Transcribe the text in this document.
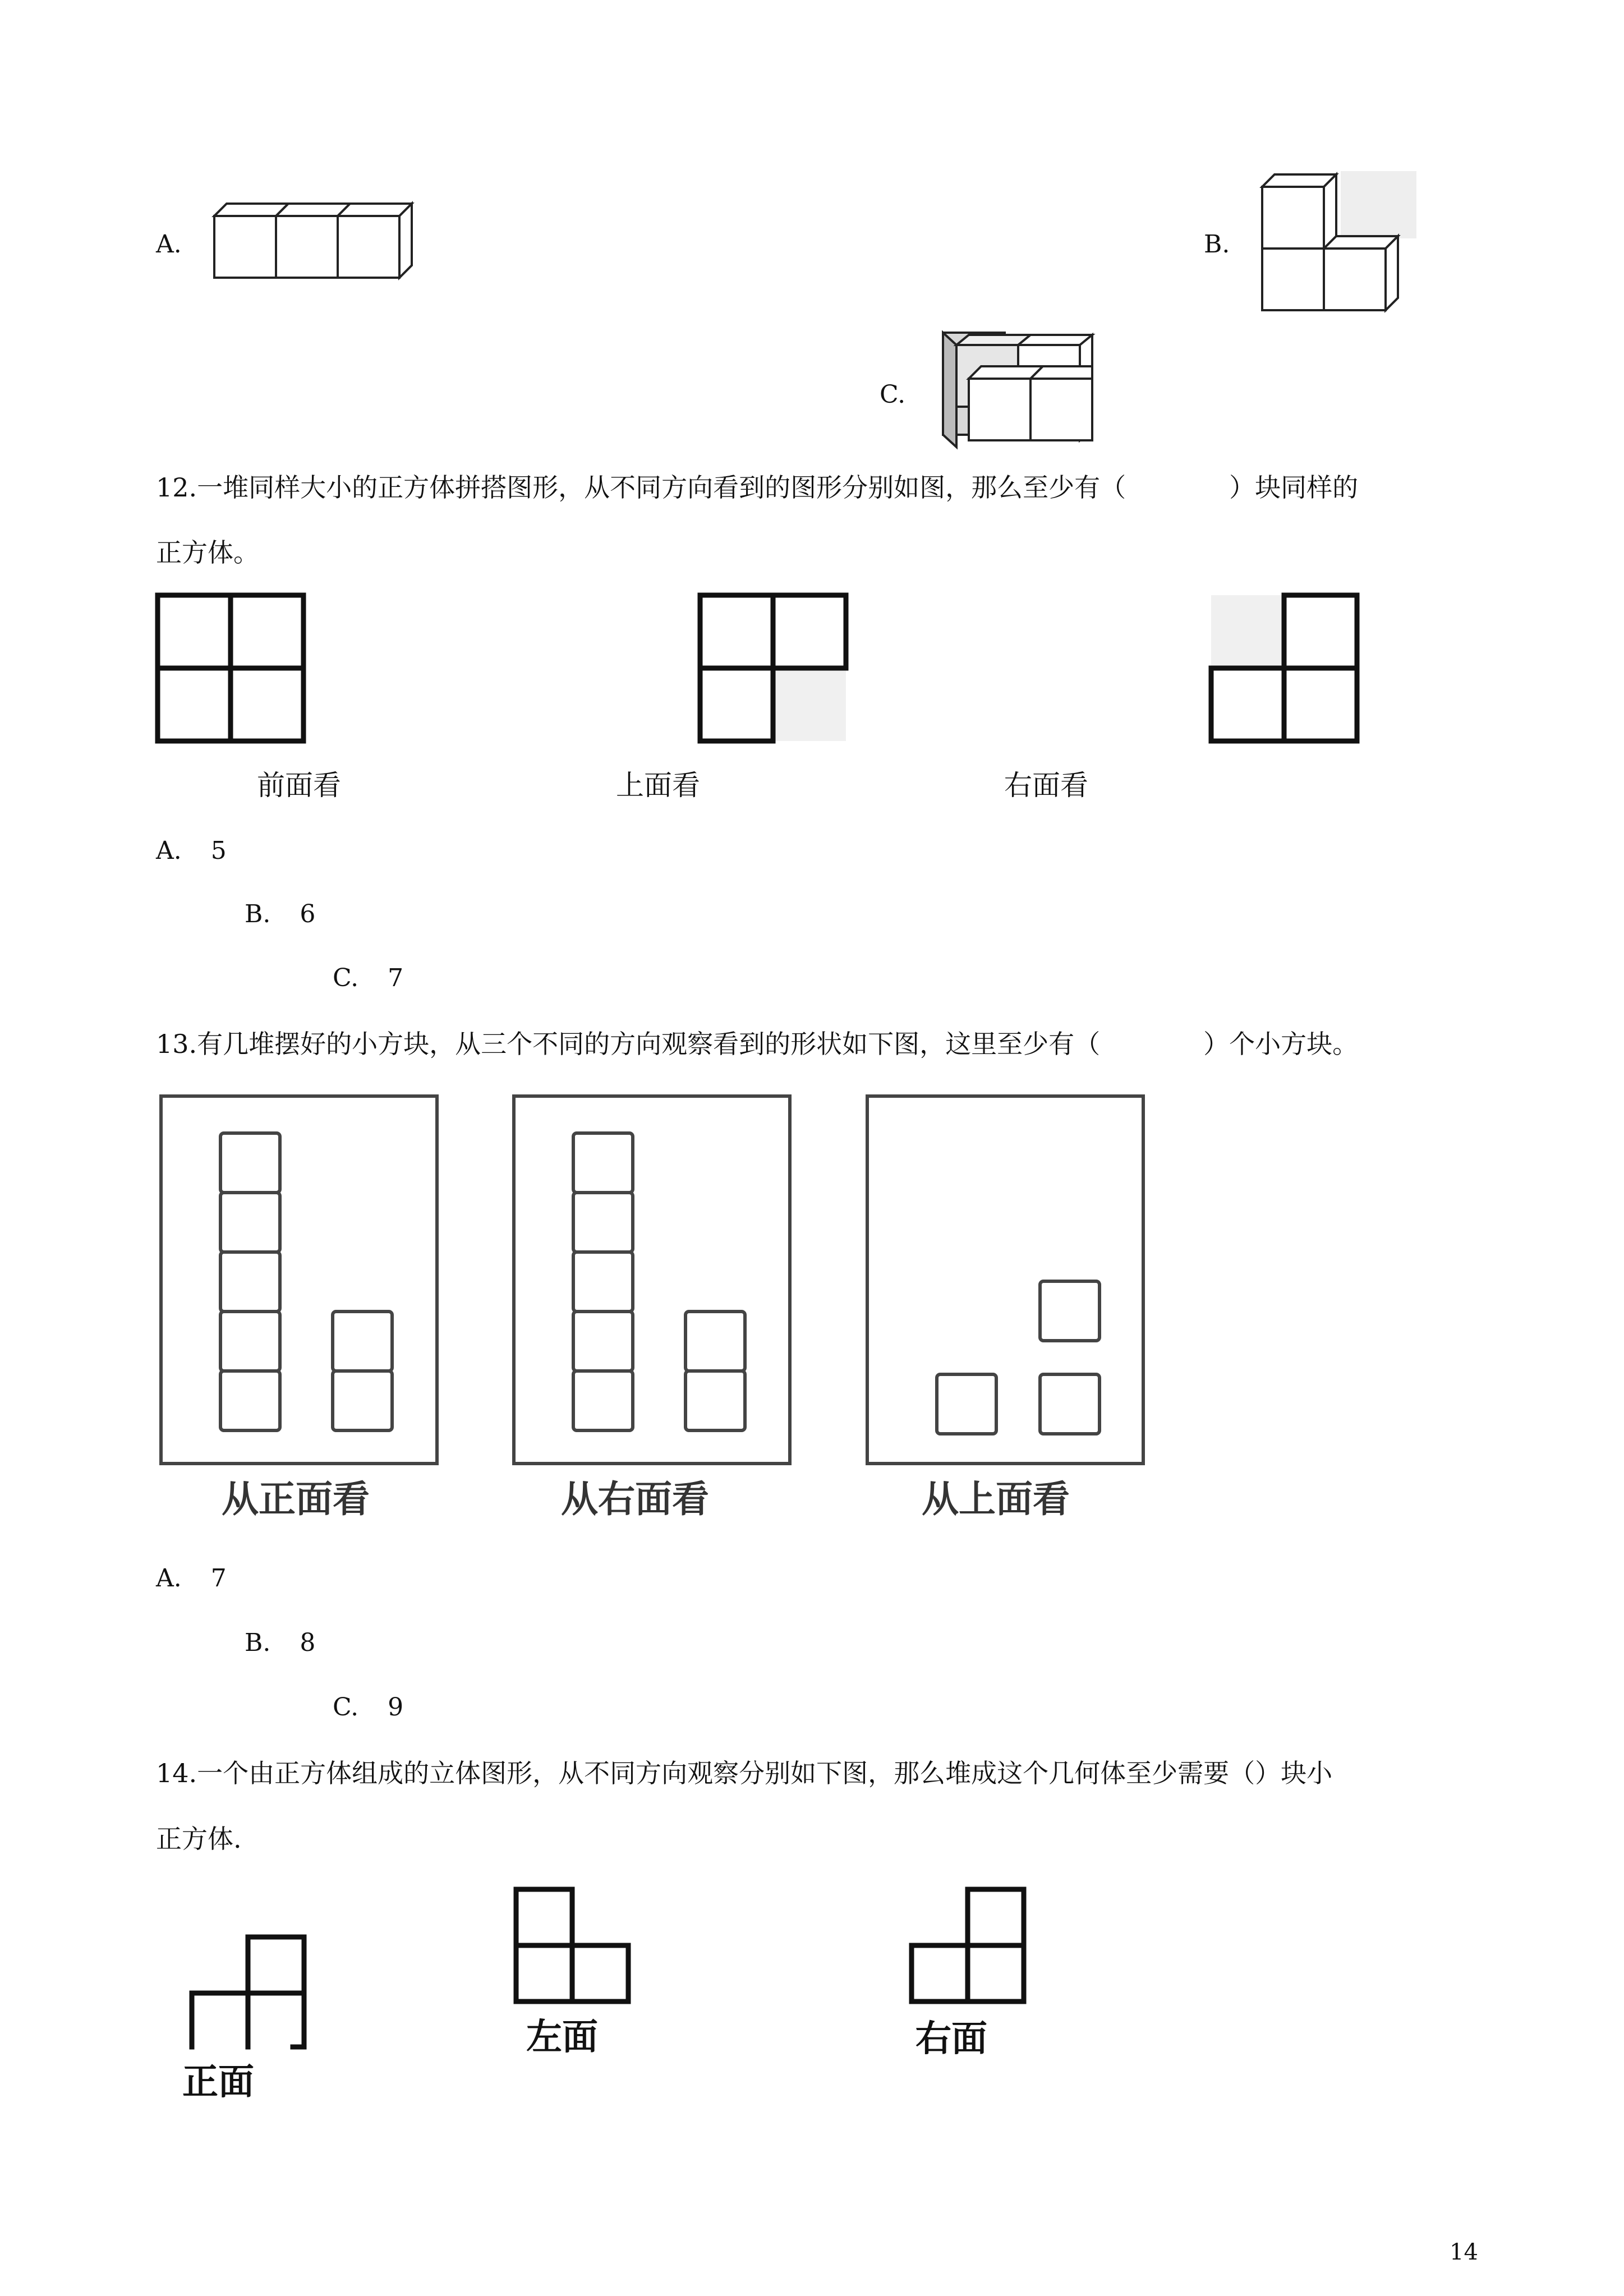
A.	B.
C.
12.一堆同样大小的正方体拼搭图形，从不同方向看到的图形分别如图，那么至少有（　　　　）块同样的
正方体。
前面看	上面看	右面看
A. 5
B. 6
C. 7
13.有几堆摆好的小方块，从三个不同的方向观察看到的形状如下图，这里至少有（　　　　）个小方块。
从正面看	从右面看	从上面看
A. 7
B. 8
C. 9
14.一个由正方体组成的立体图形，从不同方向观察分别如下图，那么堆成这个几何体至少需要（）块小
正方体.
正面
左面	右面
14
